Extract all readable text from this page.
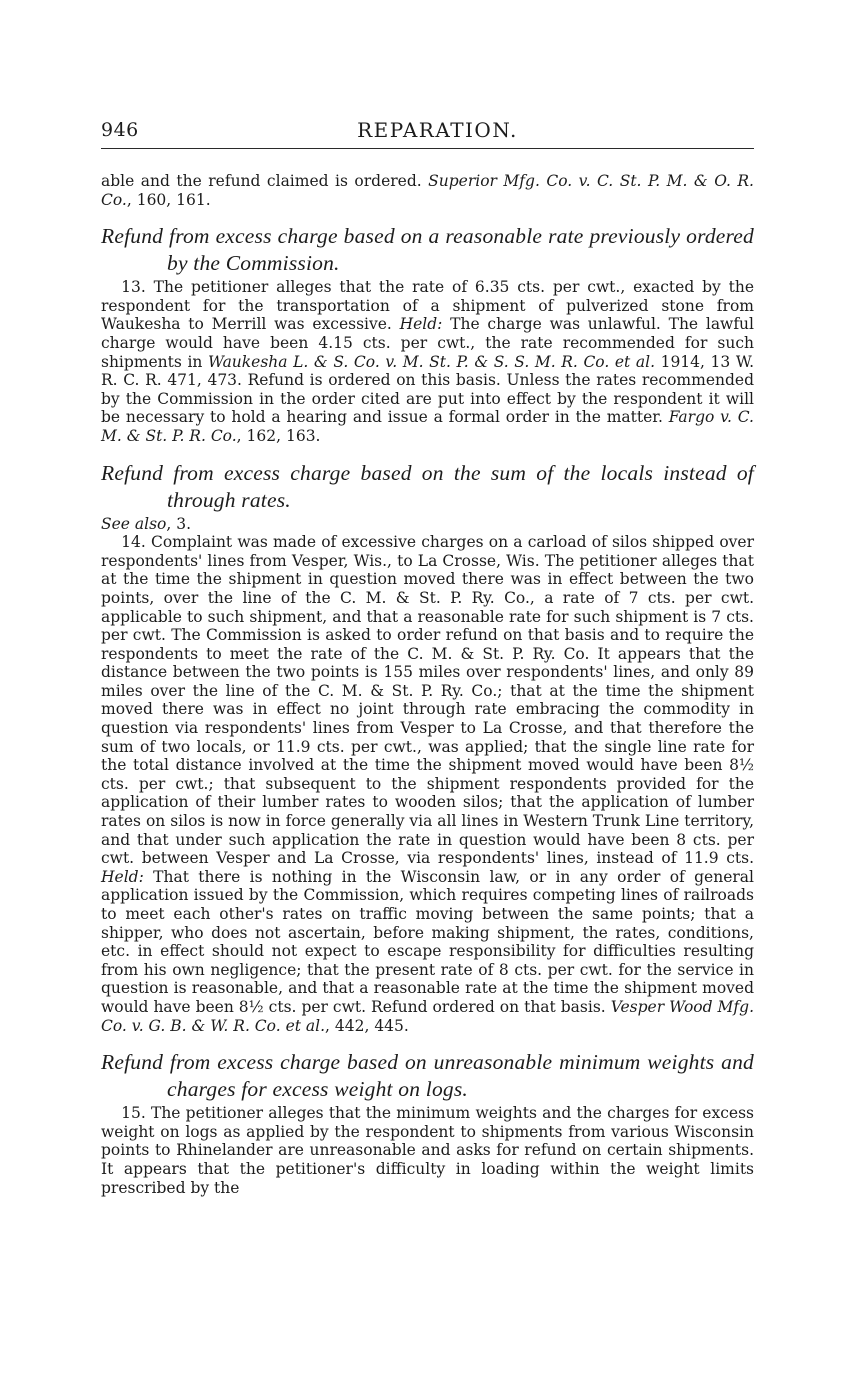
946	REPARATION.

able and the refund claimed is ordered. Superior Mfg. Co. v. C. St. P. M. & O. R. Co., 160, 161.

Refund from excess charge based on a reasonable rate previously ordered by the Commission.

13. The petitioner alleges that the rate of 6.35 cts. per cwt., exacted by the respondent for the transportation of a shipment of pulverized stone from Waukesha to Merrill was excessive. Held: The charge was unlawful. The lawful charge would have been 4.15 cts. per cwt., the rate recommended for such shipments in Waukesha L. & S. Co. v. M. St. P. & S. S. M. R. Co. et al. 1914, 13 W. R. C. R. 471, 473. Refund is ordered on this basis. Unless the rates recommended by the Commission in the order cited are put into effect by the respondent it will be necessary to hold a hearing and issue a formal order in the matter. Fargo v. C. M. & St. P. R. Co., 162, 163.

Refund from excess charge based on the sum of the locals instead of through rates.

See also, 3.

14. Complaint was made of excessive charges on a carload of silos shipped over respondents' lines from Vesper, Wis., to La Crosse, Wis. The petitioner alleges that at the time the shipment in question moved there was in effect between the two points, over the line of the C. M. & St. P. Ry. Co., a rate of 7 cts. per cwt. applicable to such shipment, and that a reasonable rate for such shipment is 7 cts. per cwt. The Commission is asked to order refund on that basis and to require the respondents to meet the rate of the C. M. & St. P. Ry. Co. It appears that the distance between the two points is 155 miles over respondents' lines, and only 89 miles over the line of the C. M. & St. P. Ry. Co.; that at the time the shipment moved there was in effect no joint through rate embracing the commodity in question via respondents' lines from Vesper to La Crosse, and that therefore the sum of two locals, or 11.9 cts. per cwt., was applied; that the single line rate for the total distance involved at the time the shipment moved would have been 8½ cts. per cwt.; that subsequent to the shipment respondents provided for the application of their lumber rates to wooden silos; that the application of lumber rates on silos is now in force generally via all lines in Western Trunk Line territory, and that under such application the rate in question would have been 8 cts. per cwt. between Vesper and La Crosse, via respondents' lines, instead of 11.9 cts. Held: That there is nothing in the Wisconsin law, or in any order of general application issued by the Commission, which requires competing lines of railroads to meet each other's rates on traffic moving between the same points; that a shipper, who does not ascertain, before making shipment, the rates, conditions, etc. in effect should not expect to escape responsibility for difficulties resulting from his own negligence; that the present rate of 8 cts. per cwt. for the service in question is reasonable, and that a reasonable rate at the time the shipment moved would have been 8½ cts. per cwt. Refund ordered on that basis. Vesper Wood Mfg. Co. v. G. B. & W. R. Co. et al., 442, 445.

Refund from excess charge based on unreasonable minimum weights and charges for excess weight on logs.

15. The petitioner alleges that the minimum weights and the charges for excess weight on logs as applied by the respondent to shipments from various Wisconsin points to Rhinelander are unreasonable and asks for refund on certain shipments. It appears that the petitioner's difficulty in loading within the weight limits prescribed by the
